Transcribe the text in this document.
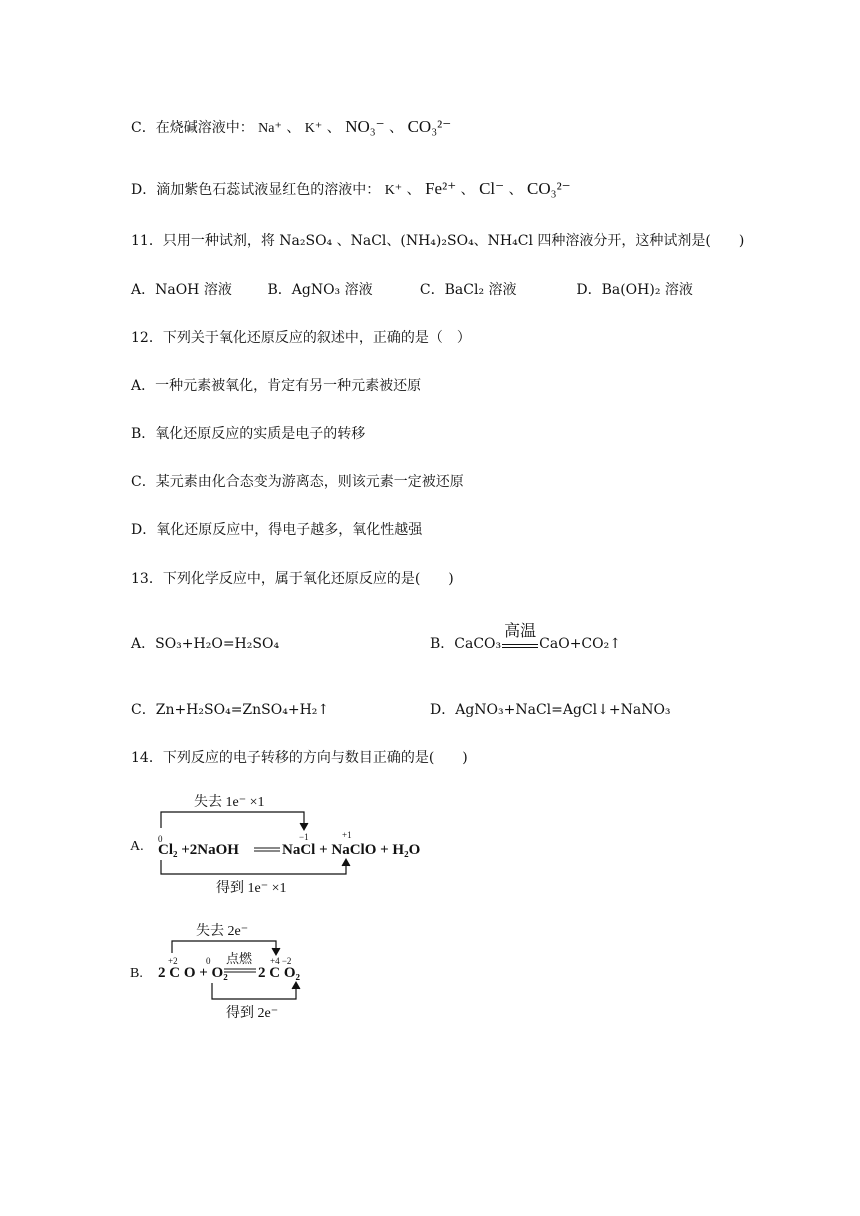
C．在烧碱溶液中： Na⁺ 、 K⁺ 、 NO₃⁻ 、 CO₃²⁻
D．滴加紫色石蕊试液显红色的溶液中： K⁺ 、 Fe²⁺ 、 Cl⁻ 、 CO₃²⁻
11．只用一种试剂，将 Na₂SO₄ 、NaCl、(NH₄)₂SO₄、NH₄Cl 四种溶液分开，这种试剂是(　　)
A．NaOH 溶液	B．AgNO₃ 溶液	C．BaCl₂ 溶液	D．Ba(OH)₂ 溶液
12．下列关于氧化还原反应的叙述中，正确的是（　）
A．一种元素被氧化，肯定有另一种元素被还原
B．氧化还原反应的实质是电子的转移
C．某元素由化合态变为游离态，则该元素一定被还原
D．氧化还原反应中，得电子越多，氧化性越强
13．下列化学反应中，属于氧化还原反应的是(　　)
A．SO₃+H₂O=H₂SO₄	B．CaCO₃
高温
CaO+CO₂↑
C．Zn+H₂SO₄=ZnSO₄+H₂↑	D．AgNO₃+NaCl=AgCl↓+NaNO₃
14．下列反应的电子转移的方向与数目正确的是(　　)
A.
失去 1e⁻ ×1
0	−1	+1
Cl₂ +2NaOH	NaCl + NaClO + H₂O
得到 1e⁻ ×1
B.
失去 2e⁻
+2	0	+4 −2
点燃
2 C O + O₂ 2 C O₂
得到 2e⁻
